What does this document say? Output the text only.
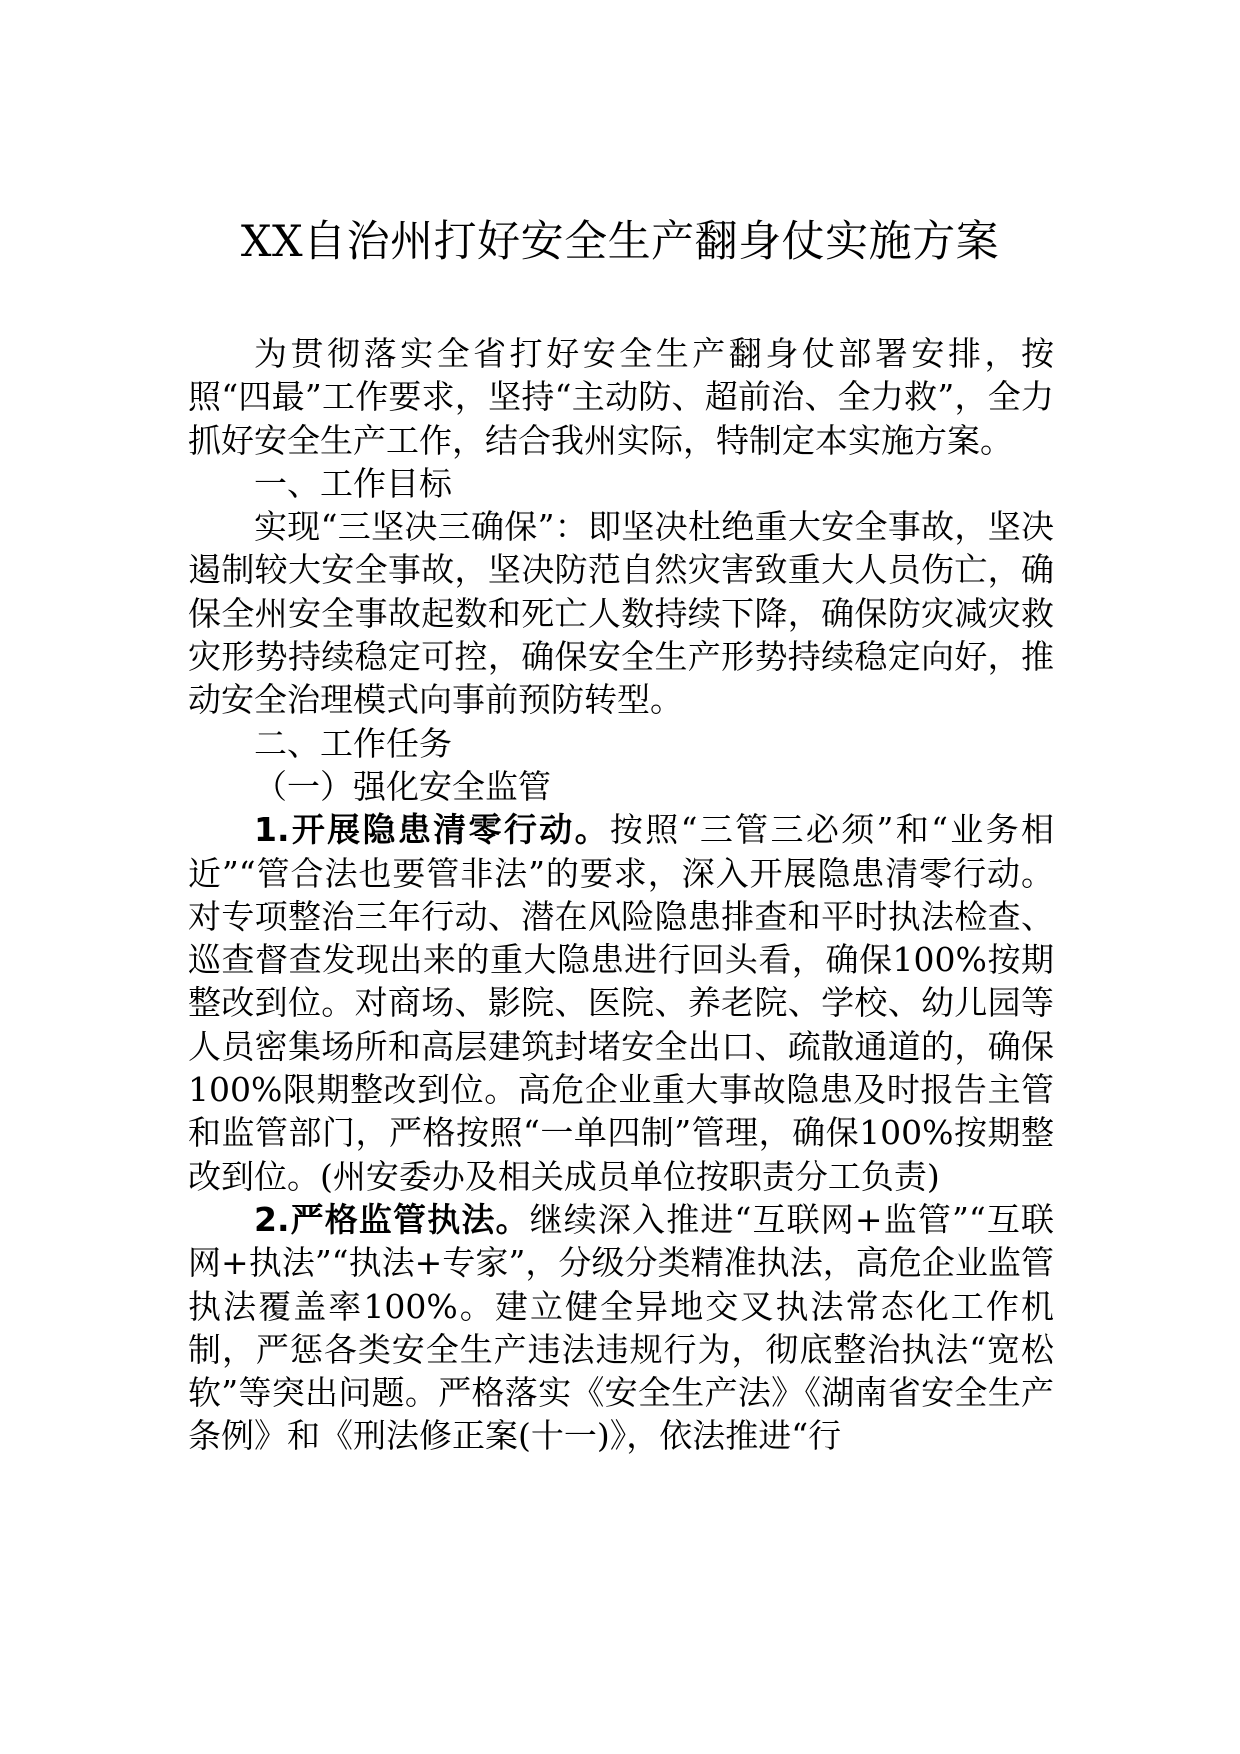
XX自治州打好安全生产翻身仗实施方案

为贯彻落实全省打好安全生产翻身仗部署安排，按照“四最”工作要求，坚持“主动防、超前治、全力救”，全力抓好安全生产工作，结合我州实际，特制定本实施方案。

一、工作目标

实现“三坚决三确保”：即坚决杜绝重大安全事故，坚决遏制较大安全事故，坚决防范自然灾害致重大人员伤亡，确保全州安全事故起数和死亡人数持续下降，确保防灾减灾救灾形势持续稳定可控，确保安全生产形势持续稳定向好，推动安全治理模式向事前预防转型。

二、工作任务
（一）强化安全监管

1.开展隐患清零行动。按照“三管三必须”和“业务相近”“管合法也要管非法”的要求，深入开展隐患清零行动。对专项整治三年行动、潜在风险隐患排查和平时执法检查、巡查督查发现出来的重大隐患进行回头看，确保100%按期整改到位。对商场、影院、医院、养老院、学校、幼儿园等人员密集场所和高层建筑封堵安全出口、疏散通道的，确保100%限期整改到位。高危企业重大事故隐患及时报告主管和监管部门，严格按照“一单四制”管理，确保100%按期整改到位。(州安委办及相关成员单位按职责分工负责)

2.严格监管执法。继续深入推进“互联网+监管”“互联网+执法”“执法+专家”，分级分类精准执法，高危企业监管执法覆盖率100%。建立健全异地交叉执法常态化工作机制，严惩各类安全生产违法违规行为，彻底整治执法“宽松软”等突出问题。严格落实《安全生产法》《湖南省安全生产条例》和《刑法修正案(十一)》，依法推进“行
